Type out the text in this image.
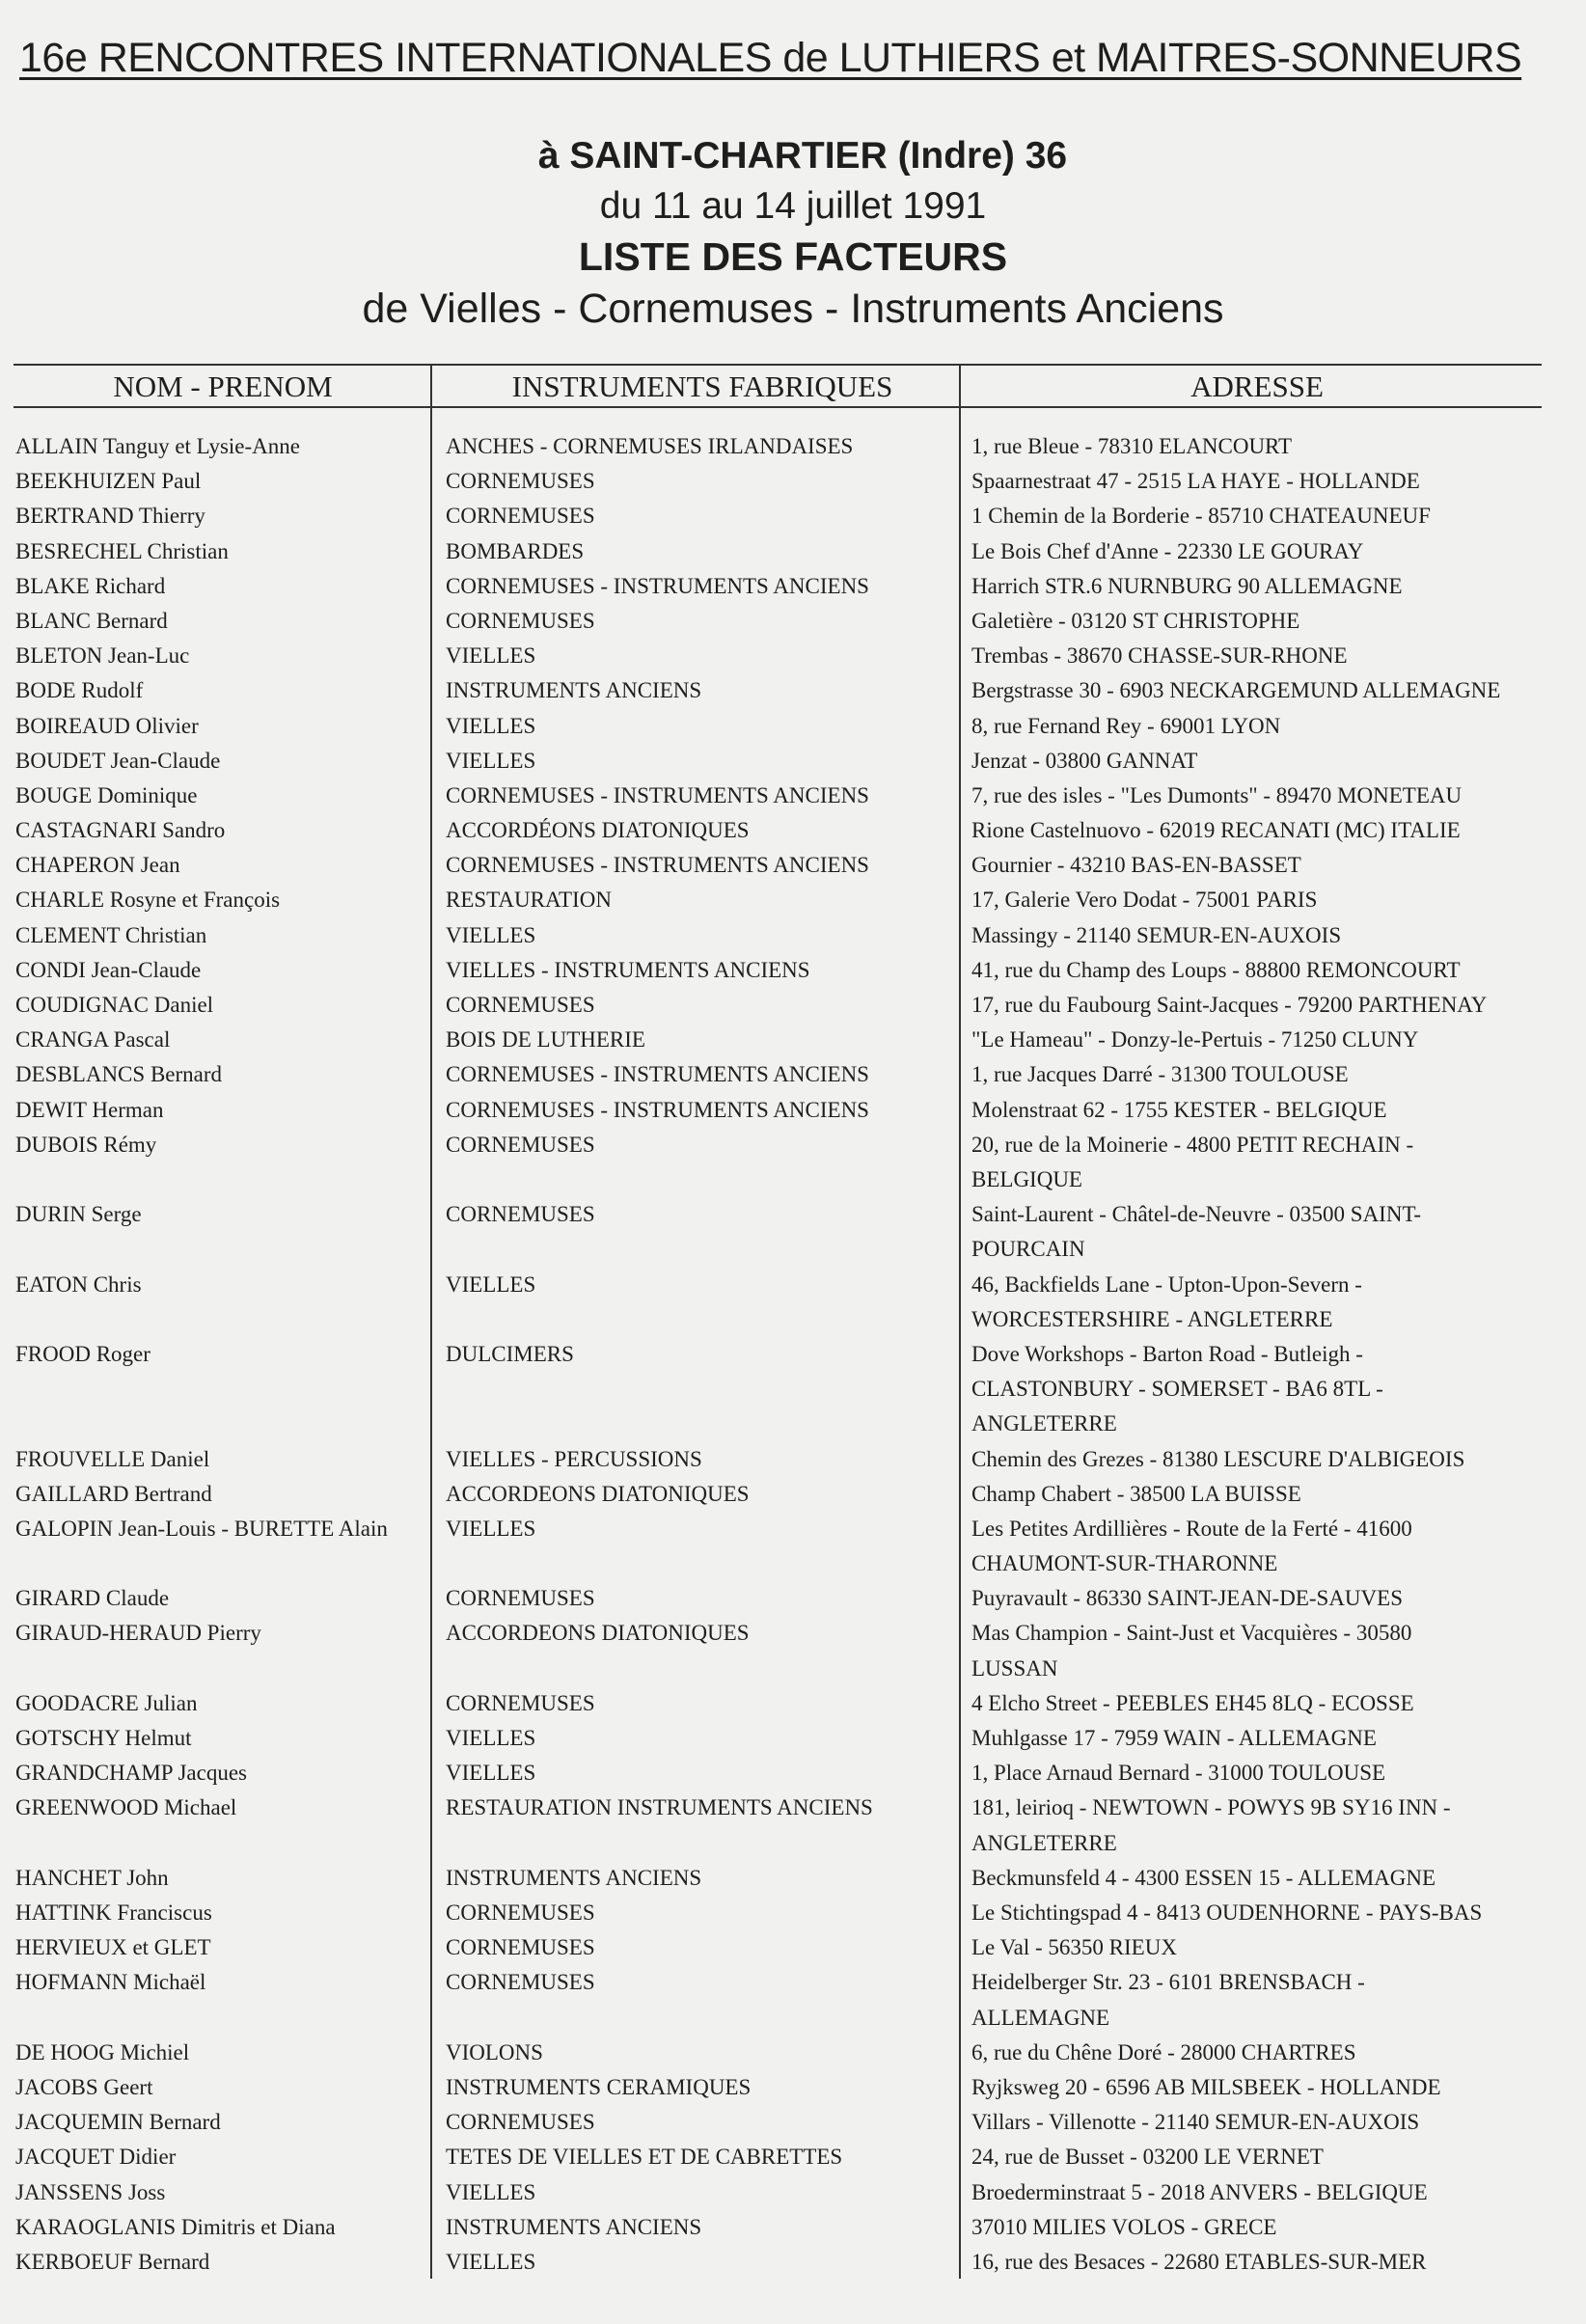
16e RENCONTRES INTERNATIONALES de LUTHIERS et MAITRES-SONNEURS
à SAINT-CHARTIER (Indre) 36
du 11 au 14 juillet 1991
LISTE DES FACTEURS
de Vielles - Cornemuses - Instruments Anciens
NOM - PRENOM	INSTRUMENTS FABRIQUES	ADRESSE
ALLAIN Tanguy et Lysie-Anne	ANCHES - CORNEMUSES IRLANDAISES	1, rue Bleue - 78310 ELANCOURT
BEEKHUIZEN Paul	CORNEMUSES	Spaarnestraat 47 - 2515 LA HAYE - HOLLANDE
BERTRAND Thierry	CORNEMUSES	1 Chemin de la Borderie - 85710 CHATEAUNEUF
BESRECHEL Christian	BOMBARDES	Le Bois Chef d'Anne - 22330 LE GOURAY
BLAKE Richard	CORNEMUSES - INSTRUMENTS ANCIENS	Harrich STR.6 NURNBURG 90 ALLEMAGNE
BLANC Bernard	CORNEMUSES	Galetière - 03120 ST CHRISTOPHE
BLETON Jean-Luc	VIELLES	Trembas - 38670 CHASSE-SUR-RHONE
BODE Rudolf	INSTRUMENTS ANCIENS	Bergstrasse 30 - 6903 NECKARGEMUND ALLEMAGNE
BOIREAUD Olivier	VIELLES	8, rue Fernand Rey - 69001 LYON
BOUDET Jean-Claude	VIELLES	Jenzat - 03800 GANNAT
BOUGE Dominique	CORNEMUSES - INSTRUMENTS ANCIENS	7, rue des isles - "Les Dumonts" - 89470 MONETEAU
CASTAGNARI Sandro	ACCORDÉONS DIATONIQUES	Rione Castelnuovo - 62019 RECANATI (MC) ITALIE
CHAPERON Jean	CORNEMUSES - INSTRUMENTS ANCIENS	Gournier - 43210 BAS-EN-BASSET
CHARLE Rosyne et François	RESTAURATION	17, Galerie Vero Dodat - 75001 PARIS
CLEMENT Christian	VIELLES	Massingy - 21140 SEMUR-EN-AUXOIS
CONDI Jean-Claude	VIELLES - INSTRUMENTS ANCIENS	41, rue du Champ des Loups - 88800 REMONCOURT
COUDIGNAC Daniel	CORNEMUSES	17, rue du Faubourg Saint-Jacques - 79200 PARTHENAY
CRANGA Pascal	BOIS DE LUTHERIE	"Le Hameau" - Donzy-le-Pertuis - 71250 CLUNY
DESBLANCS Bernard	CORNEMUSES - INSTRUMENTS ANCIENS	1, rue Jacques Darré - 31300 TOULOUSE
DEWIT Herman	CORNEMUSES - INSTRUMENTS ANCIENS	Molenstraat 62 - 1755 KESTER - BELGIQUE
DUBOIS Rémy	CORNEMUSES	20, rue de la Moinerie - 4800 PETIT RECHAIN -
BELGIQUE
DURIN Serge	CORNEMUSES	Saint-Laurent - Châtel-de-Neuvre - 03500 SAINT-
POURCAIN
EATON Chris	VIELLES	46, Backfields Lane - Upton-Upon-Severn -
WORCESTERSHIRE - ANGLETERRE
FROOD Roger	DULCIMERS	Dove Workshops - Barton Road - Butleigh -
CLASTONBURY - SOMERSET - BA6 8TL -
ANGLETERRE
FROUVELLE Daniel	VIELLES - PERCUSSIONS	Chemin des Grezes - 81380 LESCURE D'ALBIGEOIS
GAILLARD Bertrand	ACCORDEONS DIATONIQUES	Champ Chabert - 38500 LA BUISSE
GALOPIN Jean-Louis - BURETTE Alain	VIELLES	Les Petites Ardillières - Route de la Ferté - 41600
CHAUMONT-SUR-THARONNE
GIRARD Claude	CORNEMUSES	Puyravault - 86330 SAINT-JEAN-DE-SAUVES
GIRAUD-HERAUD Pierry	ACCORDEONS DIATONIQUES	Mas Champion - Saint-Just et Vacquières - 30580
LUSSAN
GOODACRE Julian	CORNEMUSES	4 Elcho Street - PEEBLES EH45 8LQ - ECOSSE
GOTSCHY Helmut	VIELLES	Muhlgasse 17 - 7959 WAIN - ALLEMAGNE
GRANDCHAMP Jacques	VIELLES	1, Place Arnaud Bernard - 31000 TOULOUSE
GREENWOOD Michael	RESTAURATION INSTRUMENTS ANCIENS	181, leirioq - NEWTOWN - POWYS 9B SY16 INN -
ANGLETERRE
HANCHET John	INSTRUMENTS ANCIENS	Beckmunsfeld 4 - 4300 ESSEN 15 - ALLEMAGNE
HATTINK Franciscus	CORNEMUSES	Le Stichtingspad 4 - 8413 OUDENHORNE - PAYS-BAS
HERVIEUX et GLET	CORNEMUSES	Le Val - 56350 RIEUX
HOFMANN Michaël	CORNEMUSES	Heidelberger Str. 23 - 6101 BRENSBACH -
ALLEMAGNE
DE HOOG Michiel	VIOLONS	6, rue du Chêne Doré - 28000 CHARTRES
JACOBS Geert	INSTRUMENTS CERAMIQUES	Ryjksweg 20 - 6596 AB MILSBEEK - HOLLANDE
JACQUEMIN Bernard	CORNEMUSES	Villars - Villenotte - 21140 SEMUR-EN-AUXOIS
JACQUET Didier	TETES DE VIELLES ET DE CABRETTES	24, rue de Busset - 03200 LE VERNET
JANSSENS Joss	VIELLES	Broederminstraat 5 - 2018 ANVERS - BELGIQUE
KARAOGLANIS Dimitris et Diana	INSTRUMENTS ANCIENS	37010 MILIES VOLOS - GRECE
KERBOEUF Bernard	VIELLES	16, rue des Besaces - 22680 ETABLES-SUR-MER
